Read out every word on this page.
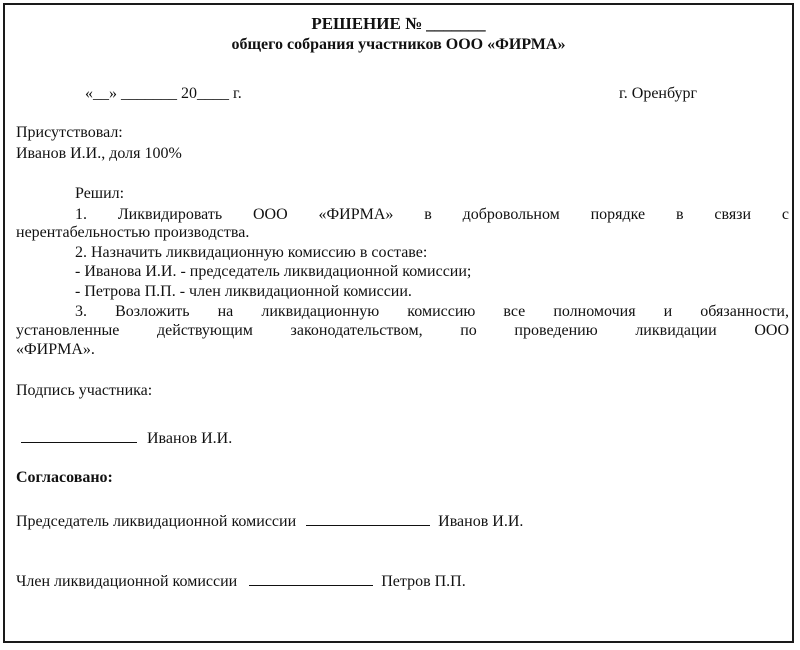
РЕШЕНИЕ № _______
общего собрания участников ООО «ФИРМА»

«__» _______ 20____ г.	г. Оренбург

Присутствовал:

Иванов И.И., доля 100%

Решил:

1. Ликвидировать ООО «ФИРМА» в добровольном порядке в связи с

нерентабельностью производства.

2. Назначить ликвидационную комиссию в составе:

- Иванова И.И. - председатель ликвидационной комиссии;

- Петрова П.П. - член ликвидационной комиссии.

3. Возложить на ликвидационную комиссию все полномочия и обязанности,
установленные действующим законодательством, по проведению ликвидации ООО

«ФИРМА».

Подпись участника:

Иванов И.И.

Согласовано:

Председатель ликвидационной комиссии	Иванов И.И.
Член ликвидационной комиссии	Петров П.П.
